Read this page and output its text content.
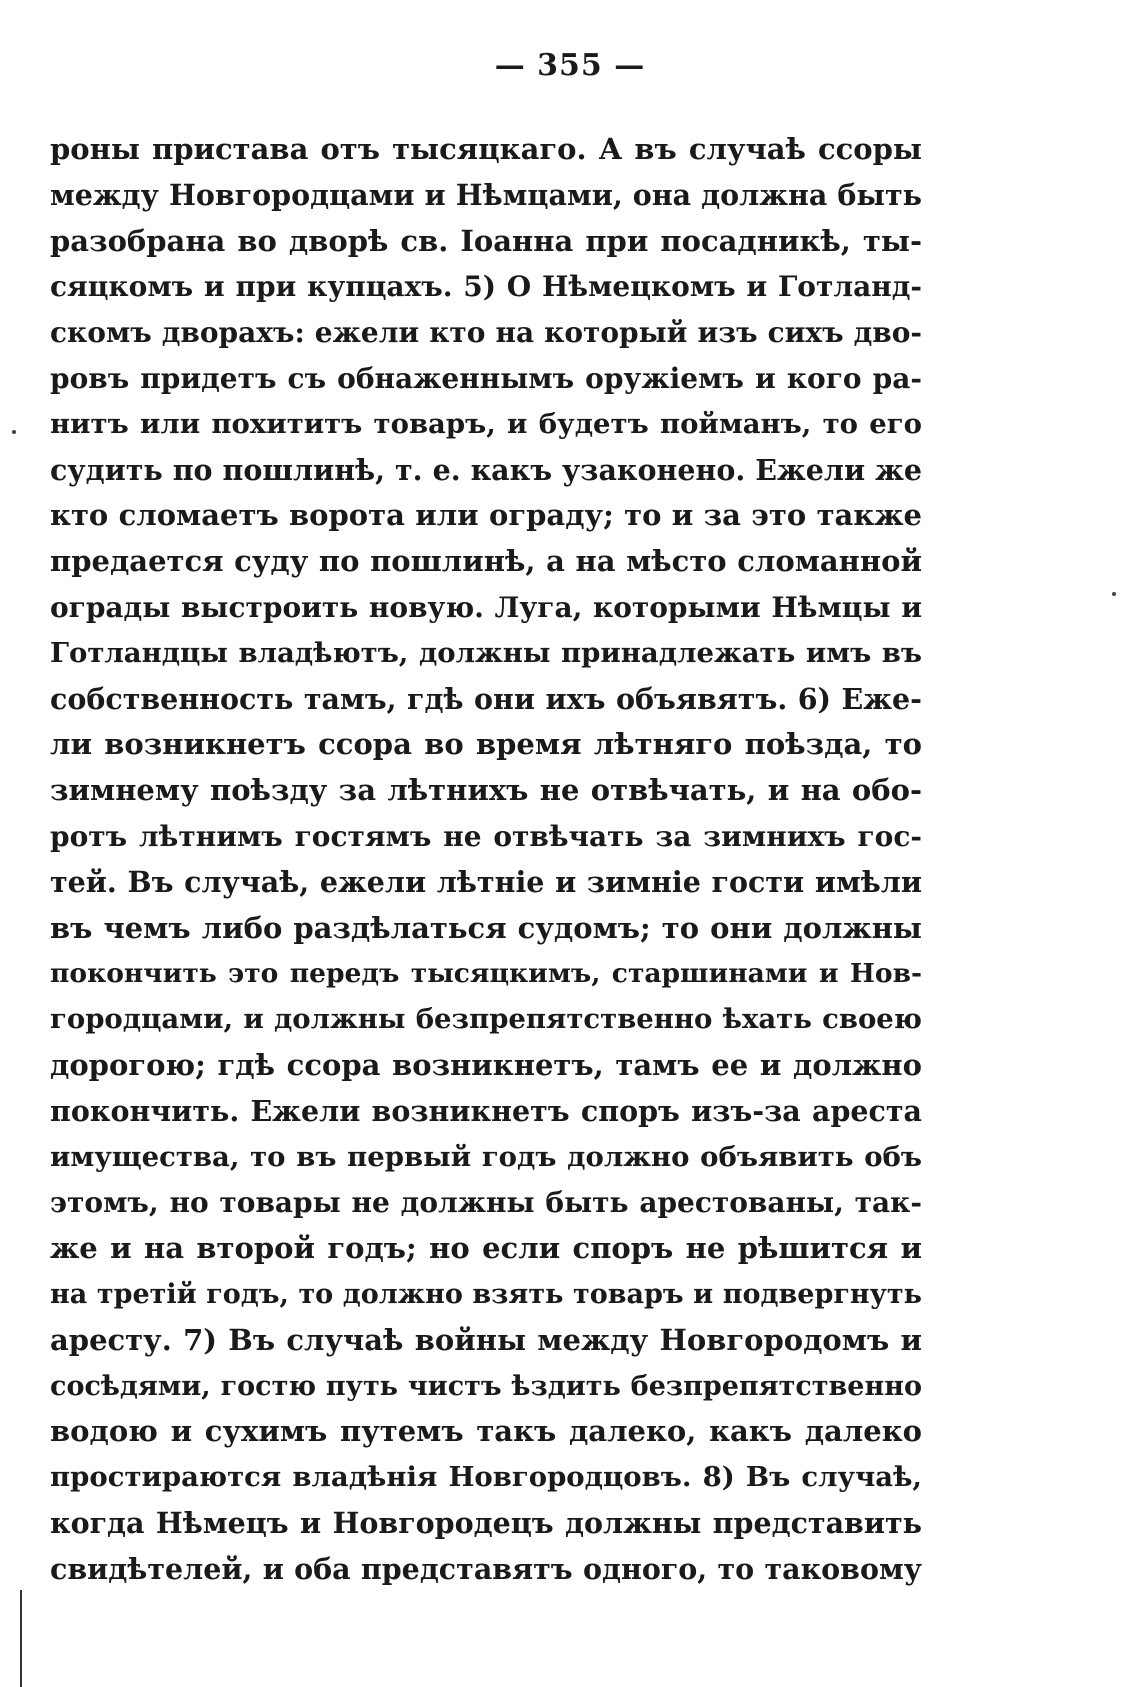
— 355 —
роны пристава отъ тысяцкаго. А въ случаѣ ссоры
между Новгородцами и Нѣмцами, она должна быть
разобрана во дворѣ св. Іоанна при посадникѣ, ты-
сяцкомъ и при купцахъ. 5) О Нѣмецкомъ и Готланд-
скомъ дворахъ: ежели кто на который изъ сихъ дво-
ровъ придетъ съ обнаженнымъ оружіемъ и кого ра-
нитъ или похититъ товаръ, и будетъ пойманъ, то его
судить по пошлинѣ, т. е. какъ узаконено. Ежели же
кто сломаетъ ворота или ограду; то и за это также
предается суду по пошлинѣ, а на мѣсто сломанной
ограды выстроить новую. Луга, которыми Нѣмцы и
Готландцы владѣютъ, должны принадлежать имъ въ
собственность тамъ, гдѣ они ихъ объявятъ. 6) Еже-
ли возникнетъ ссора во время лѣтняго поѣзда, то
зимнему поѣзду за лѣтнихъ не отвѣчать, и на обо-
ротъ лѣтнимъ гостямъ не отвѣчать за зимнихъ гос-
тей. Въ случаѣ, ежели лѣтніе и зимніе гости имѣли
въ чемъ либо раздѣлаться судомъ; то они должны
покончить это передъ тысяцкимъ, старшинами и Нов-
городцами, и должны безпрепятственно ѣхать своею
дорогою; гдѣ ссора возникнетъ, тамъ ее и должно
покончить. Ежели возникнетъ споръ изъ-за ареста
имущества, то въ первый годъ должно объявить объ
этомъ, но товары не должны быть арестованы, так-
же и на второй годъ; но если споръ не рѣшится и
на третій годъ, то должно взять товаръ и подвергнуть
аресту. 7) Въ случаѣ войны между Новгородомъ и
сосѣдями, гостю путь чистъ ѣздить безпрепятственно
водою и сухимъ путемъ такъ далеко, какъ далеко
простираются владѣнія Новгородцовъ. 8) Въ случаѣ,
когда Нѣмецъ и Новгородецъ должны представить
свидѣтелей, и оба представятъ одного, то таковому
